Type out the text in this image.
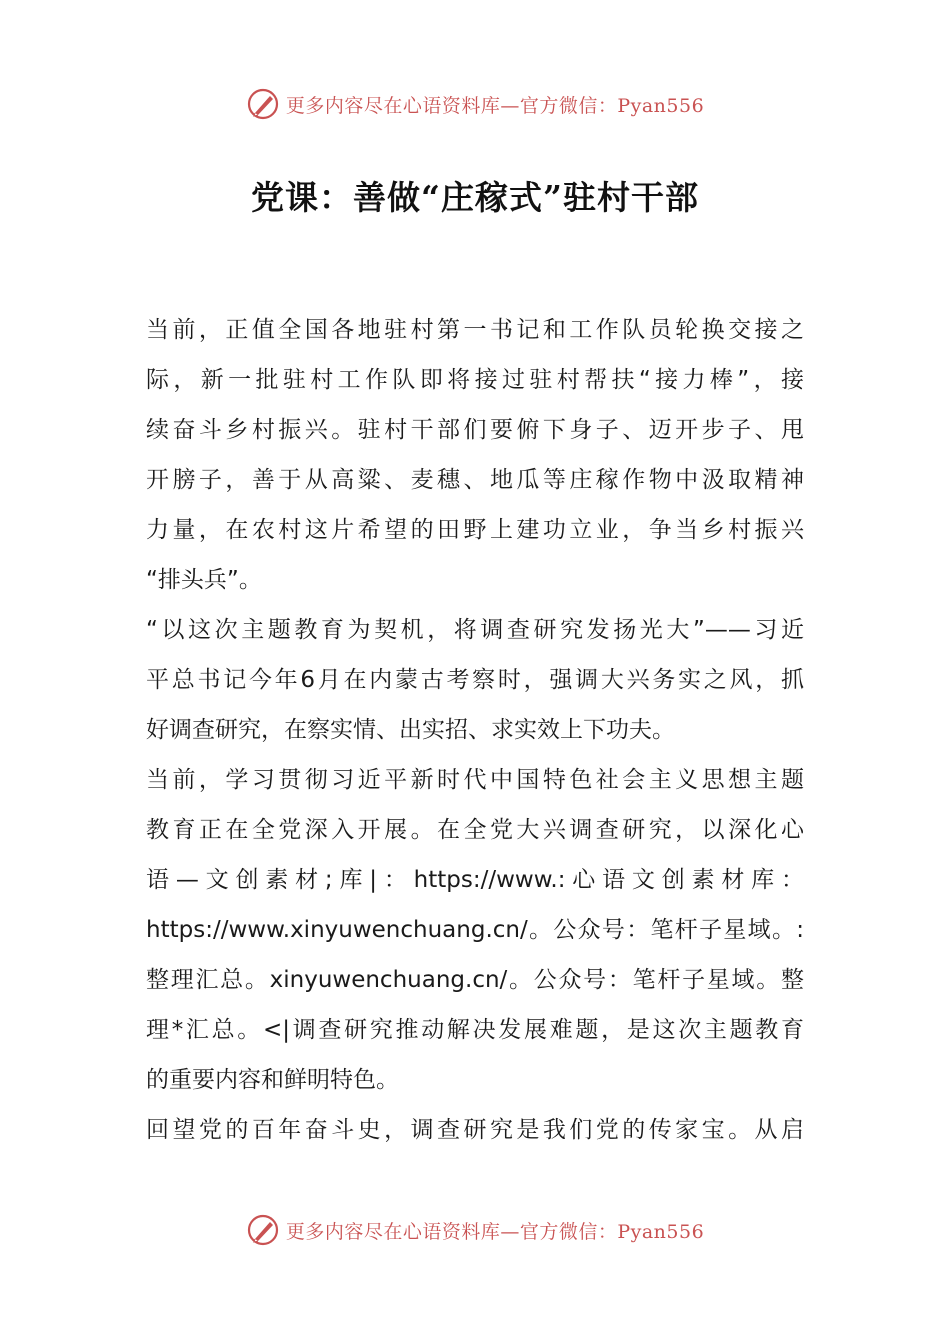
更多内容尽在心语资料库—官方微信：Pyan556
党课：善做“庄稼式”驻村干部
当前，正值全国各地驻村第一书记和工作队员轮换交接之
际，新一批驻村工作队即将接过驻村帮扶“接力棒”，接
续奋斗乡村振兴。驻村干部们要俯下身子、迈开步子、甩
开膀子，善于从高粱、麦穗、地瓜等庄稼作物中汲取精神
力量，在农村这片希望的田野上建功立业，争当乡村振兴
“排头兵”。
“以这次主题教育为契机，将调查研究发扬光大”——习近
平总书记今年6月在内蒙古考察时，强调大兴务实之风，抓
好调查研究，在察实情、出实招、求实效上下功夫。
当前，学习贯彻习近平新时代中国特色社会主义思想主题
教育正在全党深入开展。在全党大兴调查研究，以深化心
语—文创素材;库|：https://www.:心语文创素材库：
https://www.xinyuwenchuang.cn/。公众号：笔杆子星域。:
整理汇总。xinyuwenchuang.cn/。公众号：笔杆子星域。整
理*汇总。<|调查研究推动解决发展难题，是这次主题教育
的重要内容和鲜明特色。
回望党的百年奋斗史，调查研究是我们党的传家宝。从启
更多内容尽在心语资料库—官方微信：Pyan556
